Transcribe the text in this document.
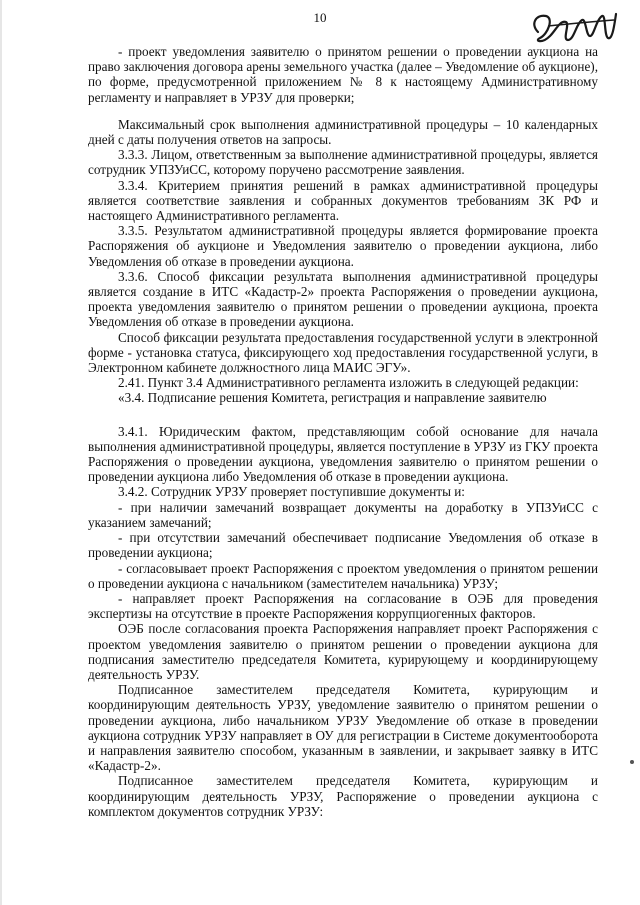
10

- проект уведомления заявителю о принятом решении о проведении аукциона на право заключения договора арены земельного участка (далее – Уведомление об аукционе), по форме, предусмотренной приложением № 8 к настоящему Административному регламенту и направляет в УРЗУ для проверки;

Максимальный срок выполнения административной процедуры – 10 календарных дней с даты получения ответов на запросы.

3.3.3. Лицом, ответственным за выполнение административной процедуры, является сотрудник УПЗУиСС, которому поручено рассмотрение заявления.

3.3.4. Критерием принятия решений в рамках административной процедуры является соответствие заявления и собранных документов требованиям ЗК РФ и настоящего Административного регламента.

3.3.5. Результатом административной процедуры является формирование проекта Распоряжения об аукционе и Уведомления заявителю о проведении аукциона, либо Уведомления об отказе в проведении аукциона.

3.3.6. Способ фиксации результата выполнения административной процедуры является создание в ИТС «Кадастр-2» проекта Распоряжения о проведении аукциона, проекта уведомления заявителю о принятом решении о проведении аукциона, проекта Уведомления об отказе в проведении аукциона.

Способ фиксации результата предоставления государственной услуги в электронной форме - установка статуса, фиксирующего ход предоставления государственной услуги, в Электронном кабинете должностного лица МАИС ЭГУ».

2.41. Пункт 3.4 Административного регламента изложить в следующей редакции:

«3.4. Подписание решения Комитета, регистрация и направление заявителю

3.4.1. Юридическим фактом, представляющим собой основание для начала выполнения административной процедуры, является поступление в УРЗУ из ГКУ проекта Распоряжения о проведении аукциона, уведомления заявителю о принятом решении о проведении аукциона либо Уведомления об отказе в проведении аукциона.

3.4.2. Сотрудник УРЗУ проверяет поступившие документы и:

- при наличии замечаний возвращает документы на доработку в УПЗУиСС с указанием замечаний;

- при отсутствии замечаний обеспечивает подписание Уведомления об отказе в проведении аукциона;

- согласовывает проект Распоряжения с проектом уведомления о принятом решении о проведении аукциона с начальником (заместителем начальника) УРЗУ;

- направляет проект Распоряжения на согласование в ОЭБ для проведения экспертизы на отсутствие в проекте Распоряжения коррупциогенных факторов.

ОЭБ после согласования проекта Распоряжения направляет проект Распоряжения с проектом уведомления заявителю о принятом решении о проведении аукциона для подписания заместителю председателя Комитета, курирующему и координирующему деятельность УРЗУ.

Подписанное заместителем председателя Комитета, курирующим и координирующим деятельность УРЗУ, уведомление заявителю о принятом решении о проведении аукциона, либо начальником УРЗУ Уведомление об отказе в проведении аукциона сотрудник УРЗУ направляет в ОУ для регистрации в Системе документооборота и направления заявителю способом, указанным в заявлении, и закрывает заявку в ИТС «Кадастр-2».

Подписанное заместителем председателя Комитета, курирующим и координирующим деятельность УРЗУ, Распоряжение о проведении аукциона с комплектом документов сотрудник УРЗУ:
